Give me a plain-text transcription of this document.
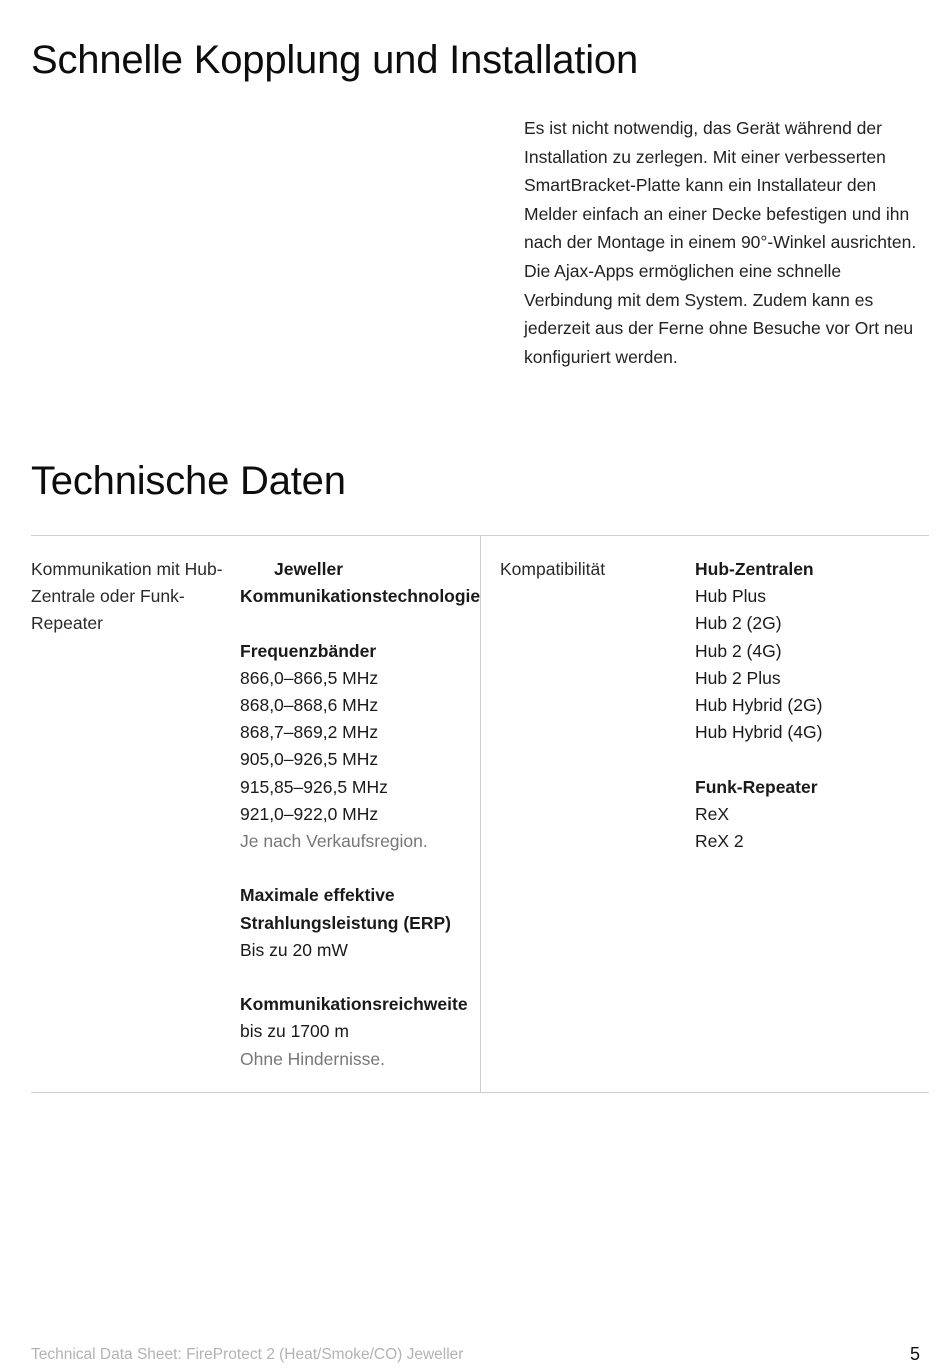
Schnelle Kopplung und Installation

Es ist nicht notwendig, das Gerät während der Installation zu zerlegen. Mit einer verbesserten SmartBracket-Platte kann ein Installateur den Melder einfach an einer Decke befestigen und ihn nach der Montage in einem 90°-Winkel ausrichten. Die Ajax-Apps ermöglichen eine schnelle Verbindung mit dem System. Zudem kann es jederzeit aus der Ferne ohne Besuche vor Ort neu konfiguriert werden.

Technische Daten
Kommunikation mit Hub-Zentrale oder Funk-Repeater
Jeweller
Kommunikationstechnologie
Frequenzbänder
866,0–866,5 MHz
868,0–868,6 MHz
868,7–869,2 MHz
905,0–926,5 MHz
915,85–926,5 MHz
921,0–922,0 MHz
Je nach Verkaufsregion.
Maximale effektive
Strahlungsleistung (ERP)
Bis zu 20 mW
Kommunikationsreichweite
bis zu 1700 m
Ohne Hindernisse.
Kompatibilität	Hub-Zentralen
Hub Plus
Hub 2 (2G)
Hub 2 (4G)
Hub 2 Plus
Hub Hybrid (2G)
Hub Hybrid (4G)
Funk-Repeater
ReX
ReX 2
Technical Data Sheet: FireProtect 2 (Heat/Smoke/CO) Jeweller	5
